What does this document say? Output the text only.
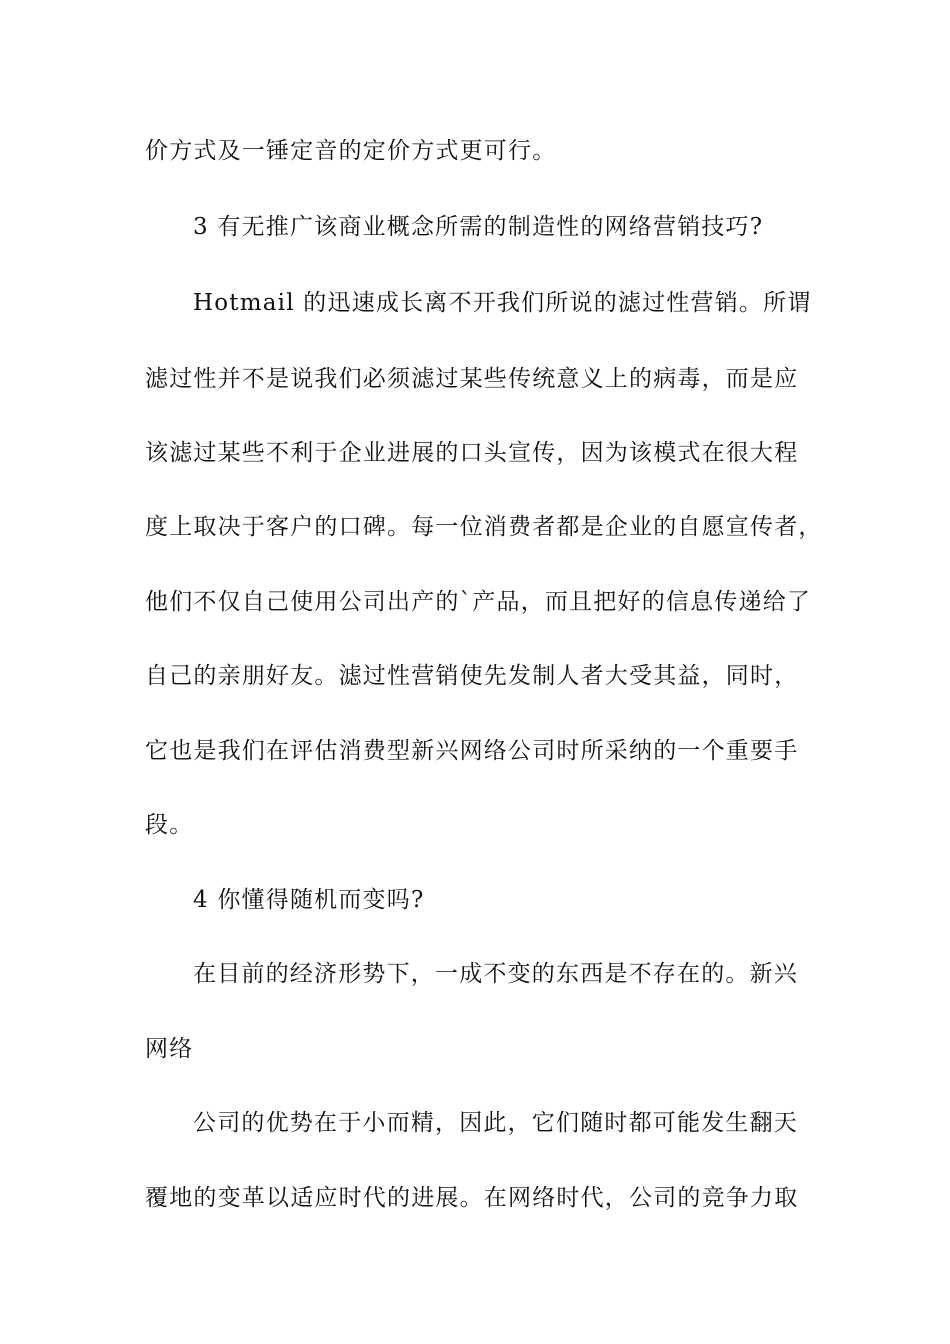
价方式及一锤定音的定价方式更可行。
3 有无推广该商业概念所需的制造性的网络营销技巧?
Hotmail 的迅速成长离不开我们所说的滤过性营销。所谓
滤过性并不是说我们必须滤过某些传统意义上的病毒，而是应
该滤过某些不利于企业进展的口头宣传，因为该模式在很大程
度上取决于客户的口碑。每一位消费者都是企业的自愿宣传者，
他们不仅自己使用公司出产的`产品，而且把好的信息传递给了
自己的亲朋好友。滤过性营销使先发制人者大受其益，同时，
它也是我们在评估消费型新兴网络公司时所采纳的一个重要手
段。
4 你懂得随机而变吗?
在目前的经济形势下，一成不变的东西是不存在的。新兴
网络
公司的优势在于小而精，因此，它们随时都可能发生翻天
覆地的变革以适应时代的进展。在网络时代，公司的竞争力取
